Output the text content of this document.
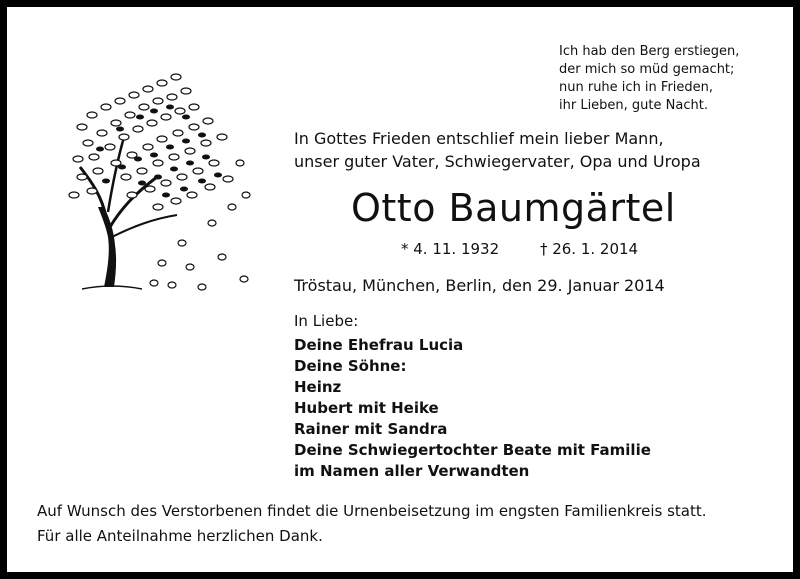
Ich hab den Berg erstiegen,
der mich so müd gemacht;
nun ruhe ich in Frieden,
ihr Lieben, gute Nacht.
In Gottes Frieden entschlief mein lieber Mann,
unser guter Vater, Schwiegervater, Opa und Uropa
Otto Baumgärtel
* 4. 11. 1932	† 26. 1. 2014
Tröstau, München, Berlin, den 29. Januar 2014
In Liebe:
Deine Ehefrau Lucia
Deine Söhne:
Heinz
Hubert mit Heike
Rainer mit Sandra
Deine Schwiegertochter Beate mit Familie
im Namen aller Verwandten
Auf Wunsch des Verstorbenen findet die Urnenbeisetzung im engsten Familienkreis statt.
Für alle Anteilnahme herzlichen Dank.
